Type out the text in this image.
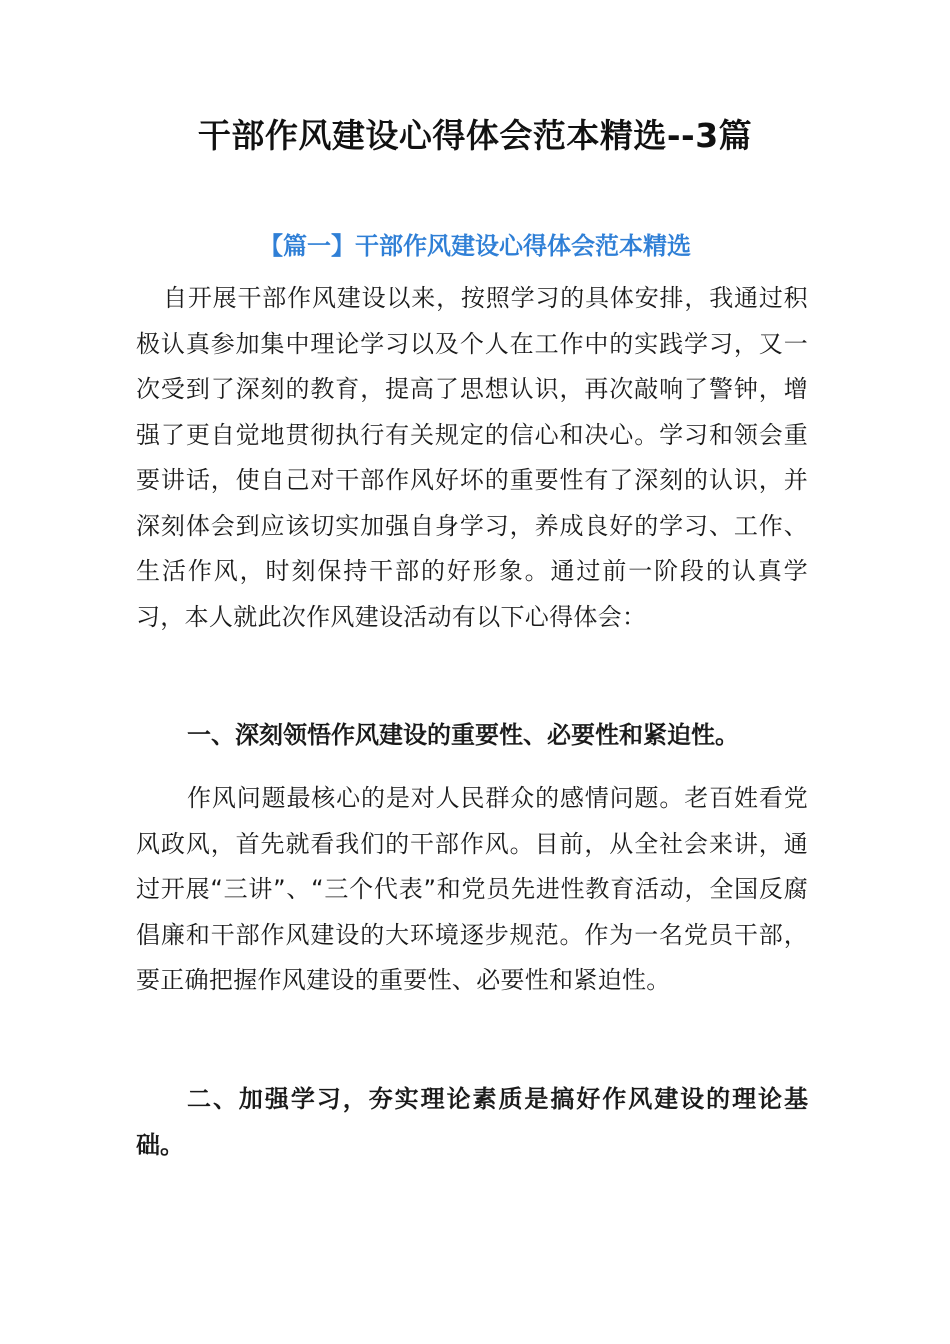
干部作风建设心得体会范本精选--3篇
【篇一】干部作风建设心得体会范本精选

自开展干部作风建设以来，按照学习的具体安排，我通过积极认真参加集中理论学习以及个人在工作中的实践学习，又一次受到了深刻的教育，提高了思想认识，再次敲响了警钟，增强了更自觉地贯彻执行有关规定的信心和决心。学习和领会重要讲话，使自己对干部作风好坏的重要性有了深刻的认识，并深刻体会到应该切实加强自身学习，养成良好的学习、工作、生活作风，时刻保持干部的好形象。通过前一阶段的认真学习，本人就此次作风建设活动有以下心得体会：

一、深刻领悟作风建设的重要性、必要性和紧迫性。

作风问题最核心的是对人民群众的感情问题。老百姓看党风政风，首先就看我们的干部作风。目前，从全社会来讲，通过开展“三讲”、“三个代表”和党员先进性教育活动，全国反腐倡廉和干部作风建设的大环境逐步规范。作为一名党员干部，要正确把握作风建设的重要性、必要性和紧迫性。

二、加强学习，夯实理论素质是搞好作风建设的理论基础。
